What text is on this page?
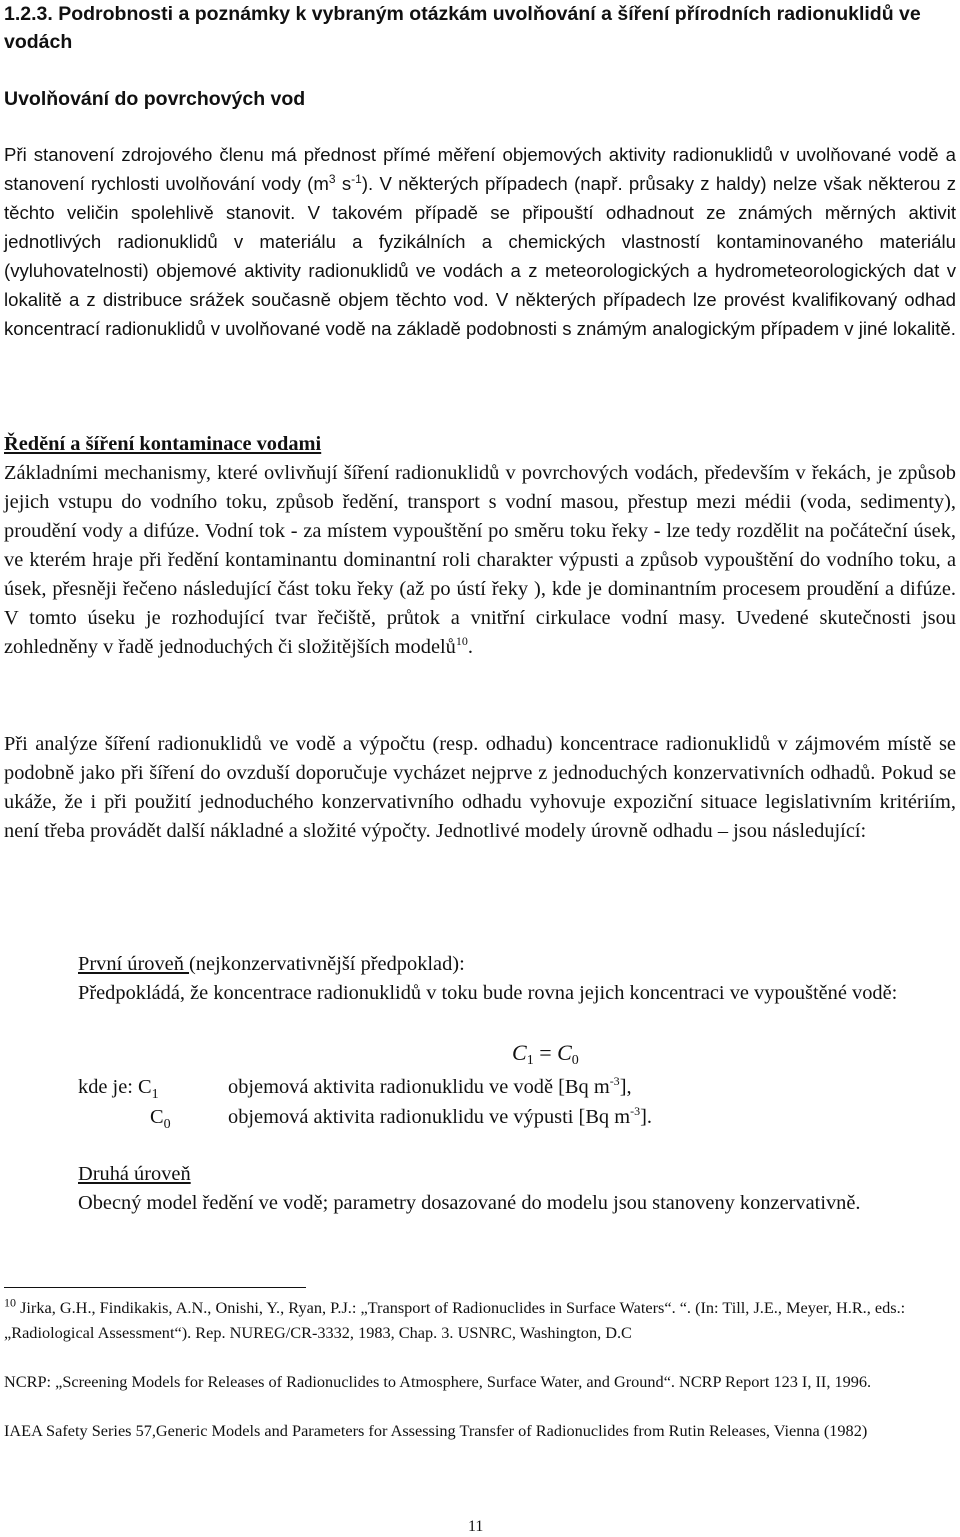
1.2.3. Podrobnosti a poznámky k vybraným otázkám uvolňování a šíření přírodních radionuklidů ve vodách
Uvolňování do povrchových vod
Při stanovení zdrojového členu má přednost přímé měření objemových aktivity radionuklidů v uvolňované vodě a stanovení rychlosti uvolňování vody ($m^3$ $s^{-1}$). V některých případech (např. průsaky z haldy) nelze však některou z těchto veličin spolehlivě stanovit. V takovém případě se připouští odhadnout ze známých měrných aktivit jednotlivých radionuklidů v materiálu a fyzikálních a chemických vlastností kontaminovaného materiálu (vyluhovatelnosti) objemové aktivity radionuklidů ve vodách a z meteorologických a hydrometeorologických dat v lokalitě a z distribuce srážek současně objem těchto vod. V některých případech lze provést kvalifikovaný odhad koncentrací radionuklidů v uvolňované vodě na základě podobnosti s známým analogickým případem v jiné lokalitě.
Ředění a šíření kontaminace vodami
Základními mechanismy, které ovlivňují šíření radionuklidů v povrchových vodách, především v řekách, je způsob jejich vstupu do vodního toku, způsob ředění, transport s vodní masou, přestup mezi médii (voda, sedimenty), proudění vody a difúze. Vodní tok - za místem vypouštění po směru toku řeky - lze tedy rozdělit na počáteční úsek, ve kterém hraje při ředění kontaminantu dominantní roli charakter výpusti a způsob vypouštění do vodního toku, a úsek, přesněji řečeno následující část toku řeky (až po ústí řeky ), kde je dominantním procesem proudění a difúze. V tomto úseku je rozhodující tvar řečiště, průtok a vnitřní cirkulace vodní masy. Uvedené skutečnosti jsou zohledněny v řadě jednoduchých či složitějších modelů$^{10}$.
Při analýze šíření radionuklidů ve vodě a výpočtu (resp. odhadu) koncentrace radionuklidů v zájmovém místě se podobně jako při šíření do ovzduší doporučuje vycházet nejprve z jednoduchých konzervativních odhadů. Pokud se ukáže, že i při použití jednoduchého konzervativního odhadu vyhovuje expoziční situace legislativním kritériím, není třeba provádět další nákladné a složité výpočty. Jednotlivé modely úrovně odhadu – jsou následující:
První úroveň (nejkonzervativnější předpoklad):
Předpokládá, že koncentrace radionuklidů v toku bude rovna jejich koncentraci ve vypouštěné vodě:
$C_1 = C_0$
kde je: $C_1$	objemová aktivita radionuklidu ve vodě [Bq $m^{-3}$],
$C_0$	objemová aktivita radionuklidu ve výpusti [Bq $m^{-3}$].
Druhá úroveň
Obecný model ředění ve vodě; parametry dosazované do modelu jsou stanoveny konzervativně.
$^{10}$ Jirka, G.H., Findikakis, A.N., Onishi, Y., Ryan, P.J.: „Transport of Radionuclides in Surface Waters“. “. (In: Till, J.E., Meyer, H.R., eds.:„Radiological Assessment“). Rep. NUREG/CR-3332, 1983, Chap. 3. USNRC, Washington, D.C
NCRP: „Screening Models for Releases of Radionuclides to Atmosphere, Surface Water, and Ground“. NCRP Report 123 I, II, 1996.
IAEA Safety Series 57,Generic Models and Parameters for Assessing Transfer of Radionuclides from Rutin Releases, Vienna (1982)
11
